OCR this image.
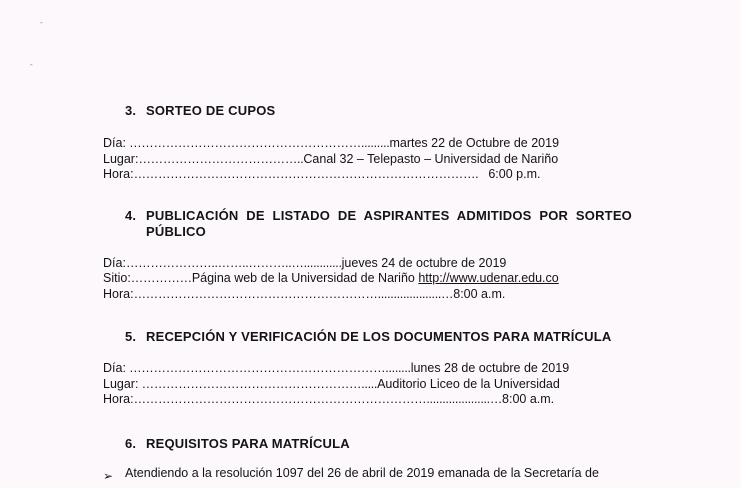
-
-
3. SORTEO DE CUPOS
Día: ………………………………………………….........martes 22 de Octubre de 2019
Lugar:…………………………………..Canal 32 – Telepasto – Universidad de Nariño
Hora:…………………………………………………………………………. 6:00 p.m.
4. PUBLICACIÓN DE LISTADO DE ASPIRANTES ADMITIDOS POR SORTEO
PÚBLICO
Día:…………………..……..………..…............jueves 24 de octubre de 2019
Sitio:……………Página web de la Universidad de Nariño http://www.udenar.edu.co
Hora:……………………………………………………....................…8:00 a.m.
5. RECEPCIÓN Y VERIFICACIÓN DE LOS DOCUMENTOS PARA MATRÍCULA
Día: ………………………………………………………........lunes 28 de octubre de 2019
Lugar: ……………………………………………….....Auditorio Liceo de la Universidad
Hora:………………………………………………………………....................…8:00 a.m.
6. REQUISITOS PARA MATRÍCULA
➢ Atendiendo a la resolución 1097 del 26 de abril de 2019 emanada de la Secretaría de
